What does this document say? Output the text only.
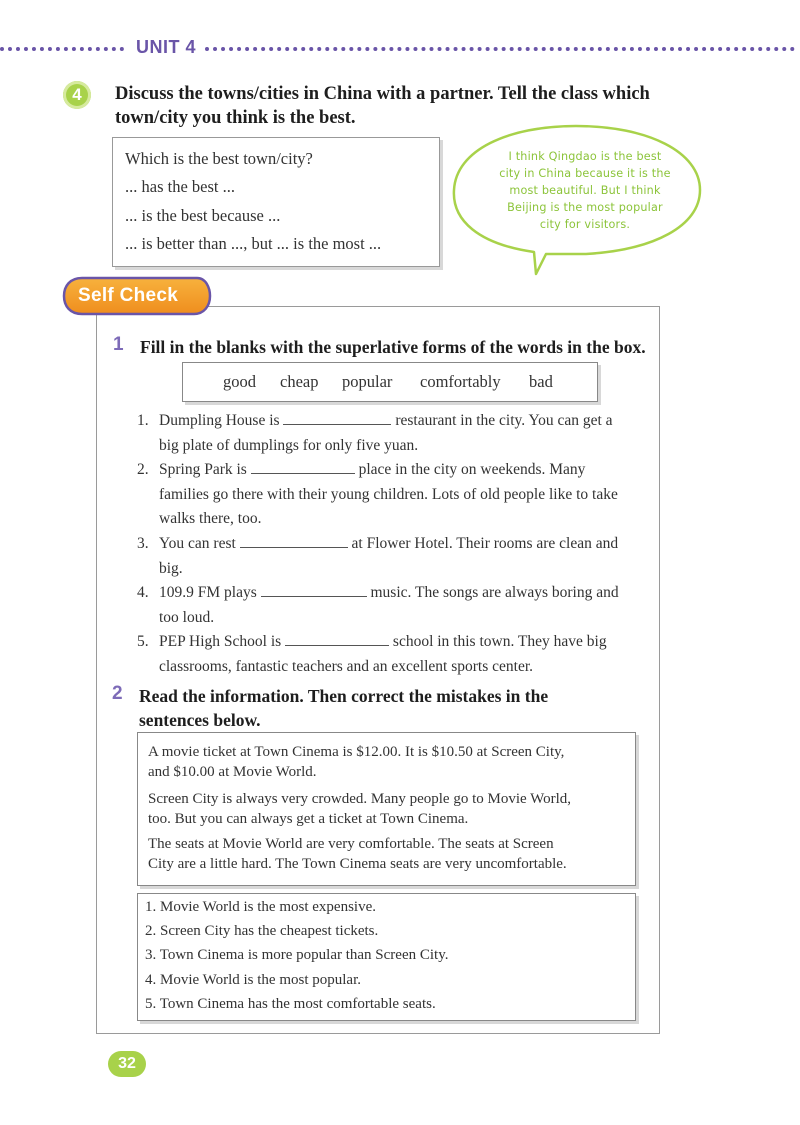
UNIT 4
4	Discuss the towns/cities in China with a partner. Tell the class which
town/city you think is the best.
Which is the best town/city?
... has the best ...
... is the best because ...
... is better than ..., but ... is the most ...
I think Qingdao is the best
city in China because it is the
most beautiful. But I think
Beijing is the most popular
city for visitors.
Self Check
1 Fill in the blanks with the superlative forms of the words in the box.
good cheap popular comfortably bad
1. Dumpling House is	restaurant in the city. You can get a
big plate of dumplings for only five yuan.
2. Spring Park is	place in the city on weekends. Many
families go there with their young children. Lots of old people like to take
walks there, too.
3. You can rest	at Flower Hotel. Their rooms are clean and
big.
4. 109.9 FM plays	music. The songs are always boring and
too loud.
5. PEP High School is	school in this town. They have big
classrooms, fantastic teachers and an excellent sports center.
2 Read the information. Then correct the mistakes in the
sentences below.
A movie ticket at Town Cinema is $12.00. It is $10.50 at Screen City,
and $10.00 at Movie World.
Screen City is always very crowded. Many people go to Movie World,
too. But you can always get a ticket at Town Cinema.
The seats at Movie World are very comfortable. The seats at Screen
City are a little hard. The Town Cinema seats are very uncomfortable.
1. Movie World is the most expensive.
2. Screen City has the cheapest tickets.
3. Town Cinema is more popular than Screen City.
4. Movie World is the most popular.
5. Town Cinema has the most comfortable seats.
32
